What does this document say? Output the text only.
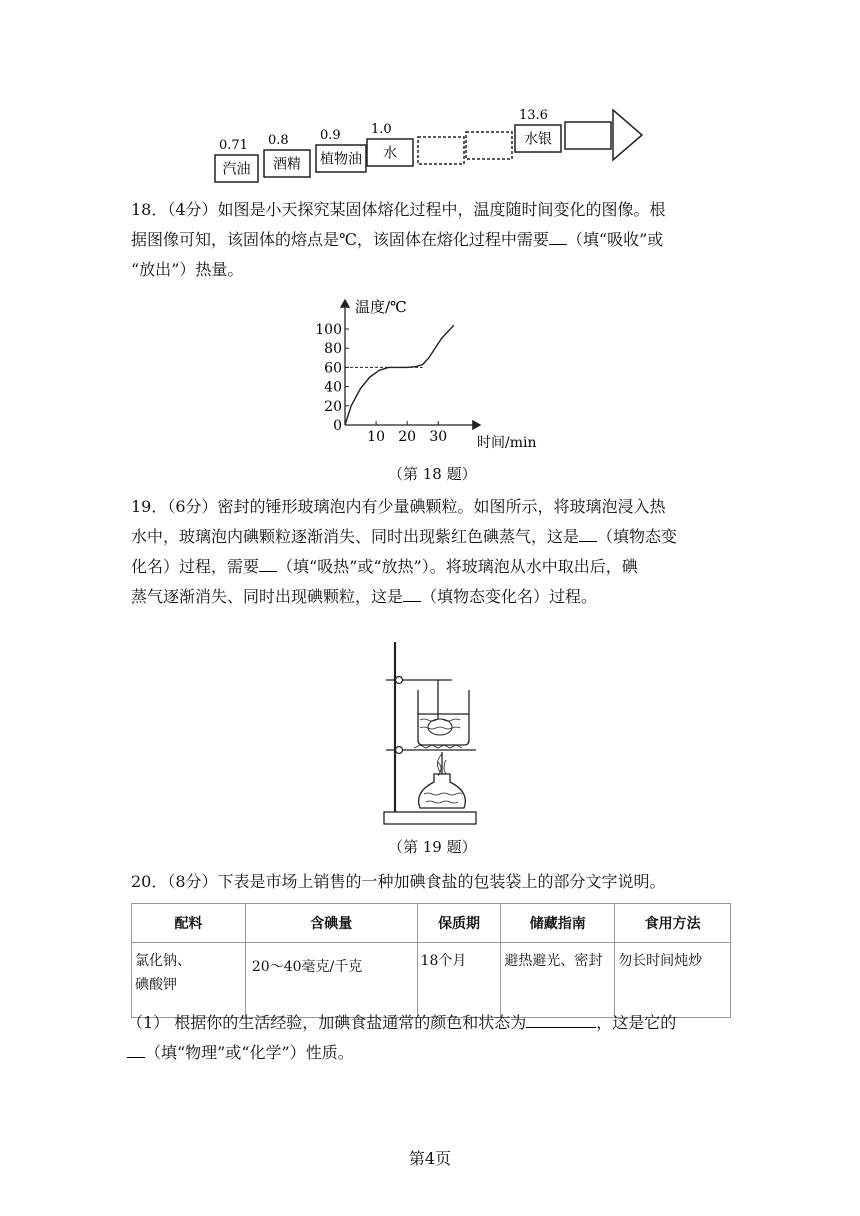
汽油
0.71
酒精
0.8
植物油
0.9
水
1.0
水银
13.6
18．（4分）如图是小天探究某固体熔化过程中，温度随时间变化的图像。根
据图像可知，该固体的熔点是℃，该固体在熔化过程中需要 （填“吸收”或
“放出”）热量。
温度/℃
时间/min
0
20
40
60
80
100
10 20 30
（第 18 题）
19．（6分）密封的锤形玻璃泡内有少量碘颗粒。如图所示，将玻璃泡浸入热
水中，玻璃泡内碘颗粒逐渐消失、同时出现紫红色碘蒸气，这是 （填物态变
化名）过程，需要 （填“吸热”或“放热”）。将玻璃泡从水中取出后，碘
蒸气逐渐消失、同时出现碘颗粒，这是 （填物态变化名）过程。
（第 19 题）
20．（8分）下表是市场上销售的一种加碘食盐的包装袋上的部分文字说明。
配料	含碘量	保质期	储藏指南	食用方法
氯化钠、碘酸钾	20～40毫克/千克	18个月	避热避光、密封	勿长时间炖炒
（1） 根据你的生活经验，加碘食盐通常的颜色和状态为	，这是它的
（填“物理”或“化学”）性质。
第4页
